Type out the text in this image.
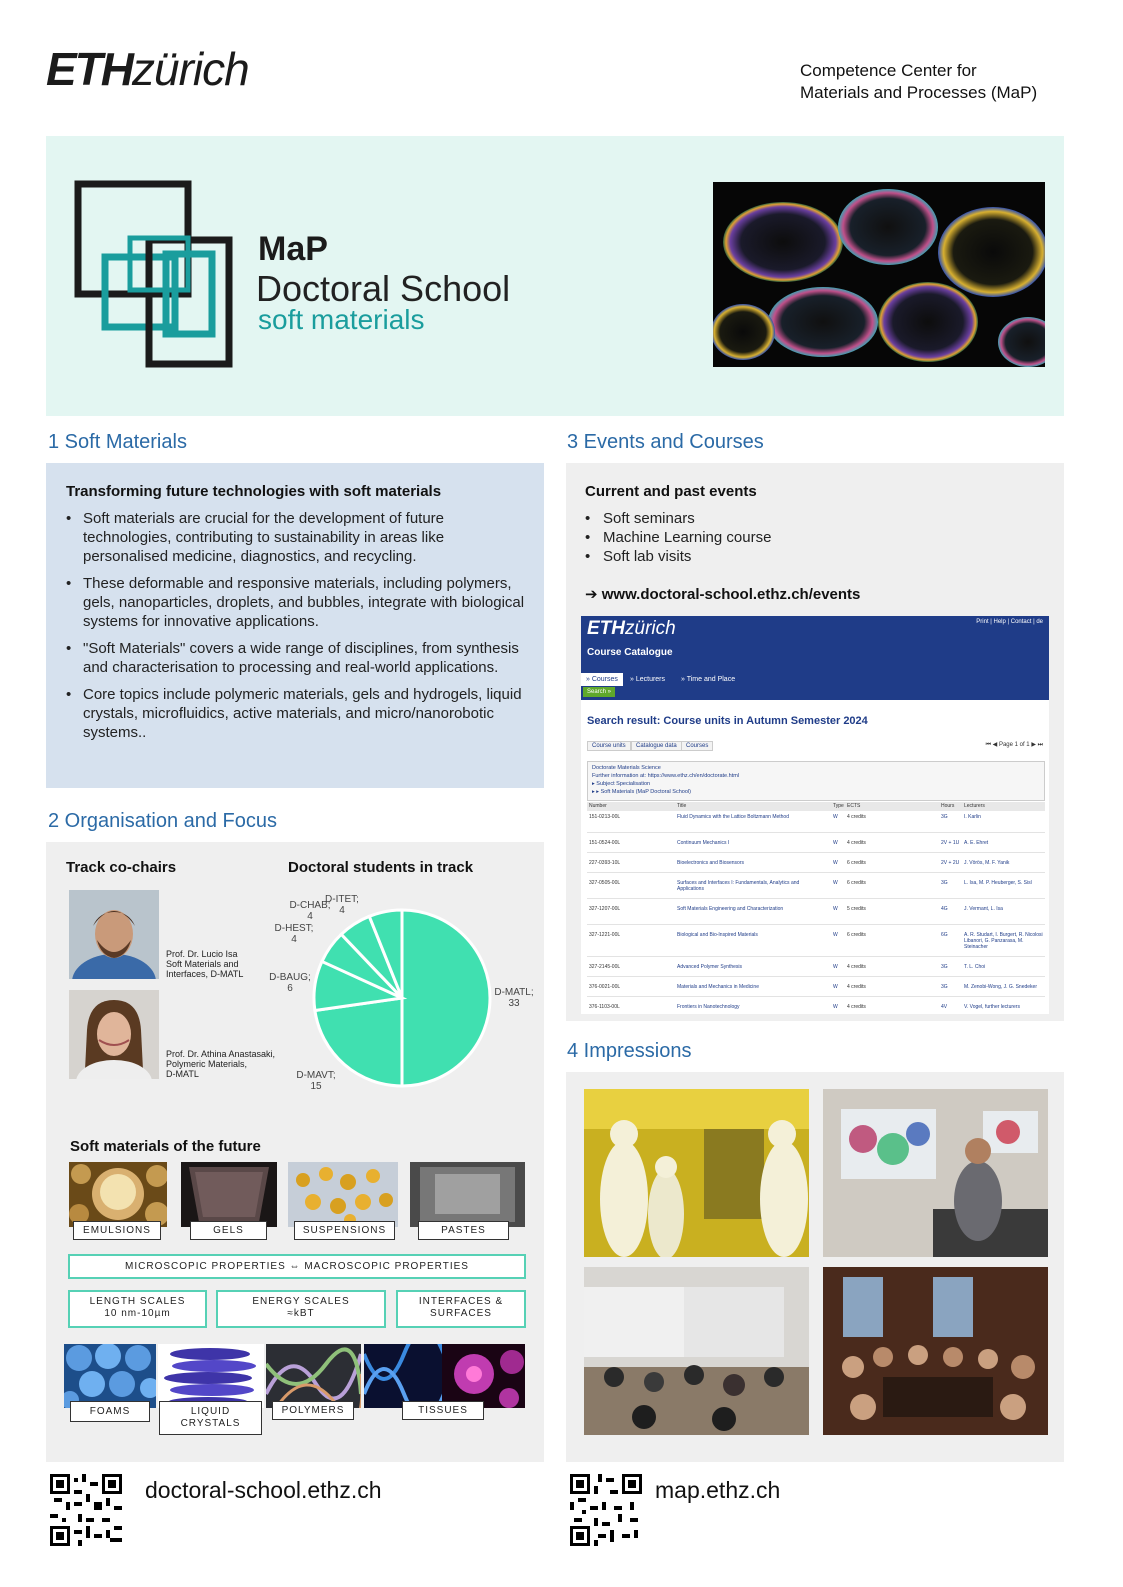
ETHzürich	Competence Center for
Materials and Processes (MaP)
MaP
Doctoral School
soft materials
1 Soft Materials
Transforming future technologies with soft materials
• Soft materials are crucial for the development of future technologies, contributing to sustainability in areas like personalised medicine, diagnostics, and recycling.
• These deformable and responsive materials, including polymers, gels, nanoparticles, droplets, and bubbles, integrate with biological systems for innovative applications.
• "Soft Materials" covers a wide range of disciplines, from synthesis and characterisation to processing and real-world applications.
• Core topics include polymeric materials, gels and hydrogels, liquid crystals, microfluidics, active materials, and micro/nanorobotic systems..
2 Organisation and Focus
Track co-chairs	Doctoral students in track
Prof. Dr. Lucio Isa
Soft Materials and
Interfaces, D-MATL
Prof. Dr. Athina Anastasaki,
Polymeric Materials,
D-MATL
D-MATL; 33
D-MAVT; 15
D-BAUG; 6
D-HEST; 4
D-CHAB; 4
D-ITET; 4
Soft materials of the future
EMULSIONS	GELS	SUSPENSIONS	PASTES
MICROSCOPIC PROPERTIES ⇔ MACROSCOPIC PROPERTIES
LENGTH SCALES
10 nm-10µm
ENERGY SCALES
≈kBT
INTERFACES &
SURFACES
FOAMS	LIQUID
CRYSTALS
POLYMERS	TISSUES
3 Events and Courses
Current and past events
• Soft seminars
• Machine Learning course
• Soft lab visits
➔ www.doctoral-school.ethz.ch/events
ETHzürich	Print | Help | Contact | de
Course Catalogue
» Courses	» Lecturers	» Time and Place
Search »
Search result: Course units in Autumn Semester 2024
Course units	Catalogue data	Courses	⏮ ◀ Page 1 of 1 ▶ ⏭
Doctorate Materials Science
Further information at: https://www.ethz.ch/en/doctorate.html
▸ Subject Specialisation
▸ ▸ Soft Materials (MaP Doctoral School)
Number	Title	Type ECTS	Hours Lecturers
151-0213-00L	Fluid Dynamics with the Lattice Boltzmann Method	W	4 credits	3G	I. Karlin
151-0524-00L	Continuum Mechanics I	W	4 credits	2V + 1U A. E. Ehret
227-0393-10L	Bioelectronics and Biosensors	W	6 credits	2V + 2U J. Vörös, M. F. Yanik
327-0505-00L	Surfaces and Interfaces I: Fundamentals, Analytics and Applications
W	6 credits	3G	L. Isa, M. P. Heuberger, S. Sisl
327-1207-00L	Soft Materials Engineering and Characterization	W	5 credits	4G	J. Vermant, L. Isa
327-1221-00L	Biological and Bio-Inspired Materials	W	6 credits	6G	A. R. Studart, I. Burgert, R. Nicolosi Libanori, G. Panzarasa, M. Steinacher
327-2145-00L	Advanced Polymer Synthesis	W	4 credits	3G	T. L. Choi
376-0021-00L	Materials and Mechanics in Medicine	W	4 credits	3G	M. Zenobi-Wong, J. G. Snedeker
376-1103-00L	Frontiers in Nanotechnology	W	4 credits	4V	V. Vogel, further lecturers
4 Impressions
doctoral-school.ethz.ch	map.ethz.ch
